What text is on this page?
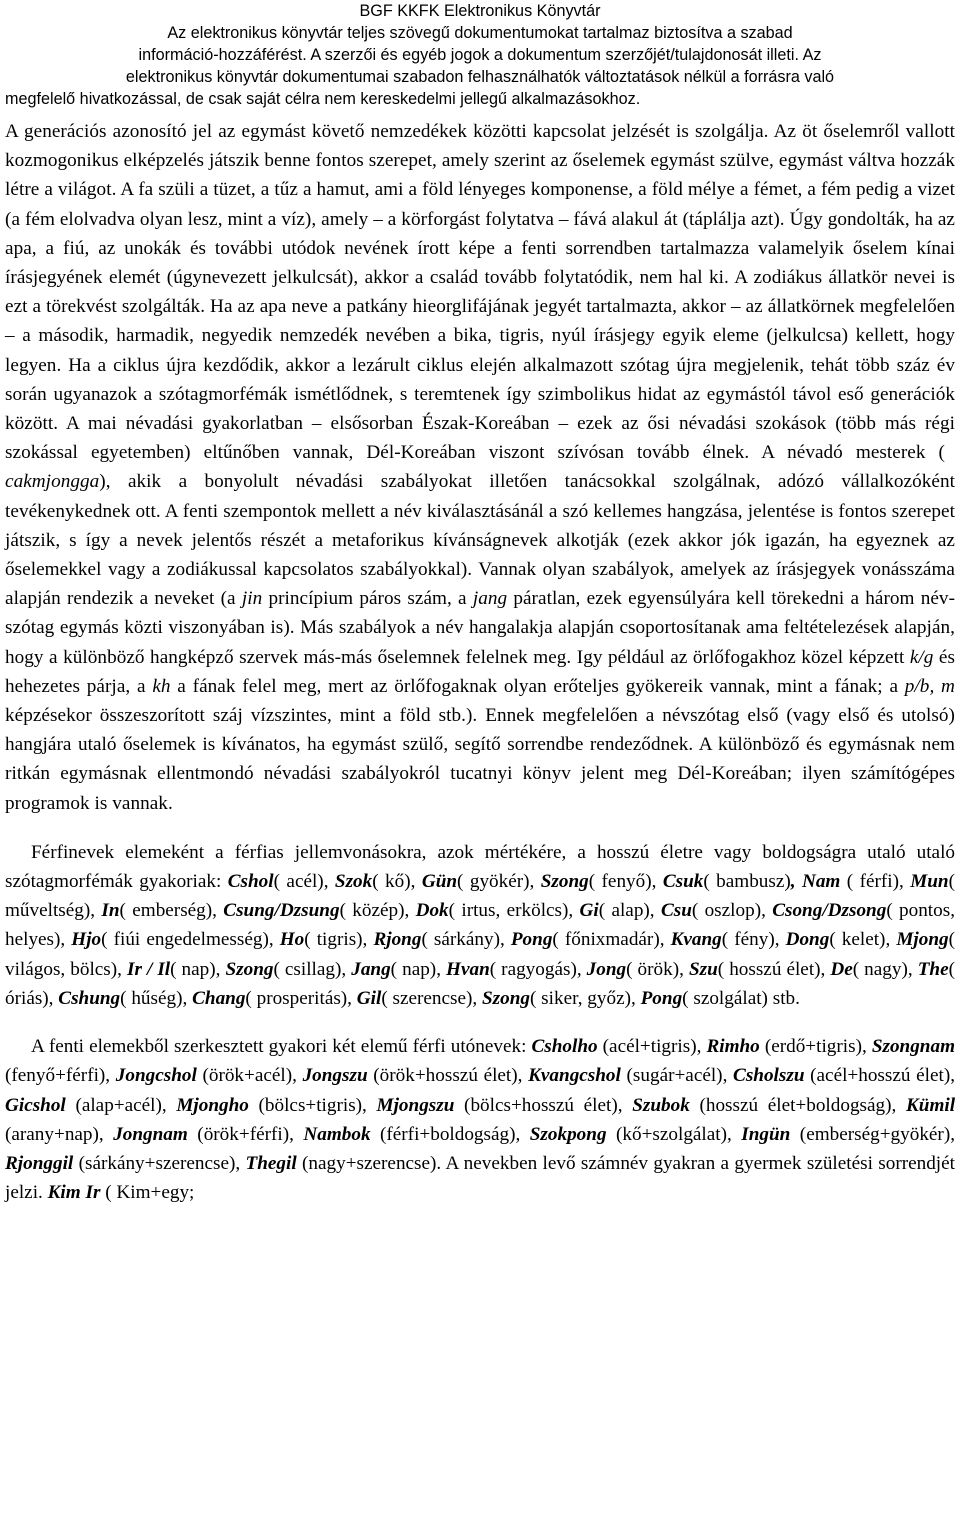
BGF KKFK Elektronikus Könyvtár
Az elektronikus könyvtár teljes szövegű dokumentumokat tartalmaz biztosítva a szabad
információ-hozzáférést. A szerzői és egyéb jogok a dokumentum szerzőjét/tulajdonosát illeti. Az
elektronikus könyvtár dokumentumai szabadon felhasználhatók változtatások nélkül a forrásra való
megfelelő hivatkozással, de csak saját célra nem kereskedelmi jellegű alkalmazásokhoz.

A generációs azonosító jel az egymást követő nemzedékek közötti kapcsolat jelzését is szolgálja. Az öt őselemről vallott kozmogonikus elképzelés játszik benne fontos szerepet, amely szerint az őselemek egymást szülve, egymást váltva hozzák létre a világot. A fa szüli a tüzet, a tűz a hamut, ami a föld lényeges komponense, a föld mélye a fémet, a fém pedig a vizet (a fém elolvadva olyan lesz, mint a víz), amely – a körforgást folytatva – fává alakul át (táplálja azt). Úgy gondolták, ha az apa, a fiú, az unokák és további utódok nevének írott képe a fenti sorrendben tartalmazza valamelyik őselem kínai írásjegyének elemét (úgynevezett jelkulcsát), akkor a család tovább folytatódik, nem hal ki. A zodiákus állatkör nevei is ezt a törekvést szolgálták. Ha az apa neve a patkány hieorglifájának jegyét tartalmazta, akkor – az állatkörnek megfelelően – a második, harmadik, negyedik nemzedék nevében a bika, tigris, nyúl írásjegy egyik eleme (jelkulcsa) kellett, hogy legyen. Ha a ciklus újra kezdődik, akkor a lezárult ciklus elején alkalmazott szótag újra megjelenik, tehát több száz év során ugyanazok a szótagmorfémák ismétlődnek, s teremtenek így szimbolikus hidat az egymástól távol eső generációk között. A mai névadási gyakorlatban – elsősorban Észak-Koreában – ezek az ősi névadási szokások (több más régi szokással egyetemben) eltűnőben vannak, Dél-Koreában viszont szívósan tovább élnek. A névadó mesterek (cakmjongga), akik a bonyolult névadási szabályokat illetően tanácsokkal szolgálnak, adózó vállalkozóként tevékenykednek ott. A fenti szempontok mellett a név kiválasztásánál a szó kellemes hangzása, jelentése is fontos szerepet játszik, s így a nevek jelentős részét a metaforikus kívánságnevek alkotják (ezek akkor jók igazán, ha egyeznek az őselemekkel vagy a zodiákussal kapcsolatos szabályokkal). Vannak olyan szabályok, amelyek az írásjegyek vonásszáma alapján rendezik a neveket (a jin princípium páros szám, a jang páratlan, ezek egyensúlyára kell törekedni a három név-szótag egymás közti viszonyában is). Más szabályok a név hangalakja alapján csoportosítanak ama feltételezések alapján, hogy a különböző hangképző szervek más-más őselemnek felelnek meg. Igy például az örlőfogakhoz közel képzett k/g és hehezetes párja, a kh a fának felel meg, mert az örlőfogaknak olyan erőteljes gyökereik vannak, mint a fának; a p/b, m képzésekor összeszorított száj vízszintes, mint a föld stb.). Ennek megfelelően a névszótag első (vagy első és utolsó) hangjára utaló őselemek is kívánatos, ha egymást szülő, segítő sorrendbe rendeződnek. A különböző és egymásnak nem ritkán egymásnak ellentmondó névadási szabályokról tucatnyi könyv jelent meg Dél-Koreában; ilyen számítógépes programok is vannak.

Férfinevek elemeként a férfias jellemvonásokra, azok mértékére, a hosszú életre vagy boldogságra utaló utaló szótagmorfémák gyakoriak: Cshol( acél), Szok( kő), Gün( gyökér), Szong( fenyő), Csuk( bambusz), Nam ( férfi), Mun( műveltség), In( emberség), Csung/Dzsung( közép), Dok( irtus, erkölcs), Gi( alap), Csu( oszlop), Csong/Dzsong( pontos, helyes), Hjo( fiúi engedelmesség), Ho( tigris), Rjong( sárkány), Pong( főnixmadár), Kvang( fény), Dong( kelet), Mjong( világos, bölcs), Ir / Il( nap), Szong( csillag), Jang( nap), Hvan( ragyogás), Jong( örök), Szu( hosszú élet), De( nagy), The( óriás), Cshung( hűség), Chang( prosperitás), Gil( szerencse), Szong( siker, győz), Pong( szolgálat) stb.

A fenti elemekből szerkesztett gyakori két elemű férfi utónevek: Csholho (acél+tigris), Rimho (erdő+tigris), Szongnam (fenyő+férfi), Jongcshol (örök+acél), Jongszu (örök+hosszú élet), Kvangcshol (sugár+acél), Csholszu (acél+hosszú élet), Gicshol (alap+acél), Mjongho (bölcs+tigris), Mjongszu (bölcs+hosszú élet), Szubok (hosszú élet+boldogság), Kümil (arany+nap), Jongnam (örök+férfi), Nambok (férfi+boldogság), Szokpong (kő+szolgálat), Ingün (emberség+gyökér), Rjonggil (sárkány+szerencse), Thegil (nagy+szerencse). A nevekben levő számnév gyakran a gyermek születési sorrendjét jelzi. Kim Ir ( Kim+egy;
